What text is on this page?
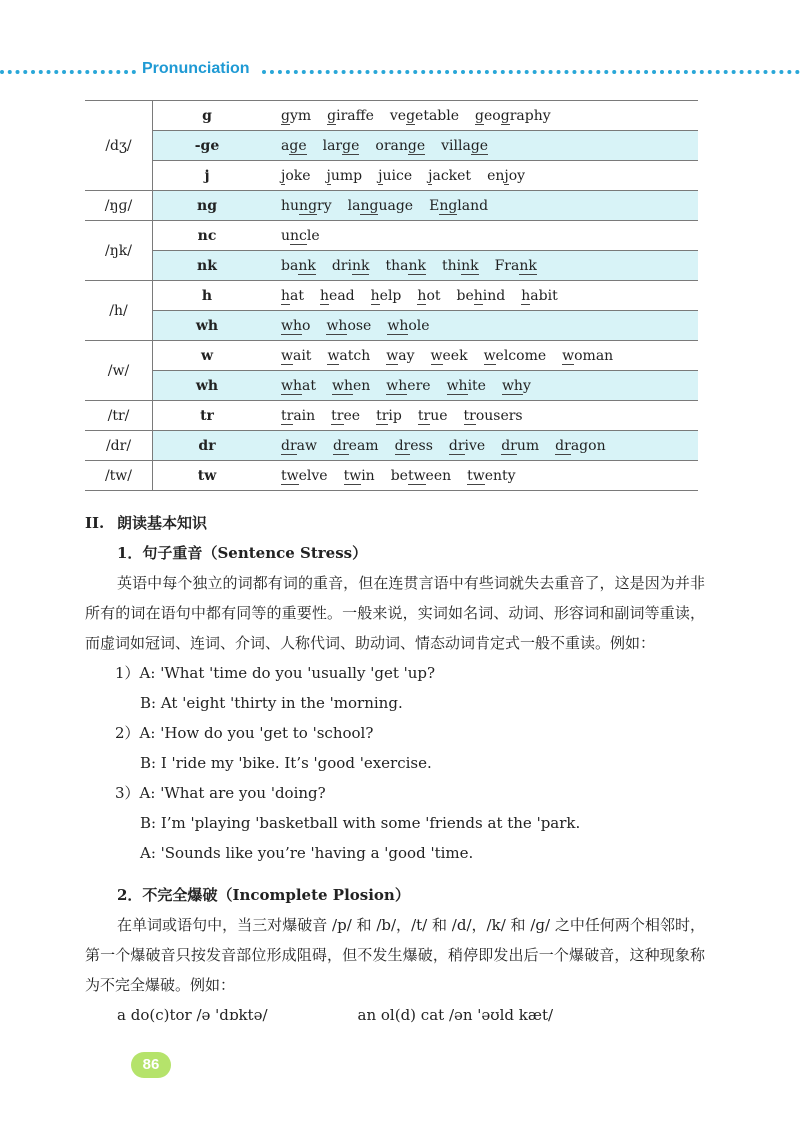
Pronunciation
/dʒ/	g	gym giraffe vegetable geography
	-ge	age large orange village
	j	joke jump juice jacket enjoy
/ŋɡ/	ng	hungry language England
/ŋk/	nc	uncle
	nk	bank drink thank think Frank
/h/	h	hat head help hot behind habit
	wh	who whose whole
/w/	w	wait watch way week welcome woman
	wh	what when where white why
/tr/	tr	train tree trip true trousers
/dr/	dr	draw dream dress drive drum dragon
/tw/	tw	twelve twin between twenty
II. 朗读基本知识
1．句子重音（Sentence Stress）

英语中每个独立的词都有词的重音，但在连贯言语中有些词就失去重音了，这是因为并非所有的词在语句中都有同等的重要性。一般来说，实词如名词、动词、形容词和副词等重读，而虚词如冠词、连词、介词、人称代词、助动词、情态动词肯定式一般不重读。例如：

1）A: 'What 'time do you 'usually 'get 'up?
B: At 'eight 'thirty in the 'morning.
2）A: 'How do you 'get to 'school?
B: I 'ride my 'bike. It’s 'good 'exercise.
3）A: 'What are you 'doing?
B: I’m 'playing 'basketball with some 'friends at the 'park.
A: 'Sounds like you’re 'having a 'good 'time.
2．不完全爆破（Incomplete Plosion）

在单词或语句中，当三对爆破音 /p/ 和 /b/，/t/ 和 /d/，/k/ 和 /ɡ/ 之中任何两个相邻时，第一个爆破音只按发音部位形成阻碍，但不发生爆破，稍停即发出后一个爆破音，这种现象称为不完全爆破。例如：

a do(c)tor /ə 'dɒktə/	an ol(d) cat /ən 'əʊld kæt/
86
